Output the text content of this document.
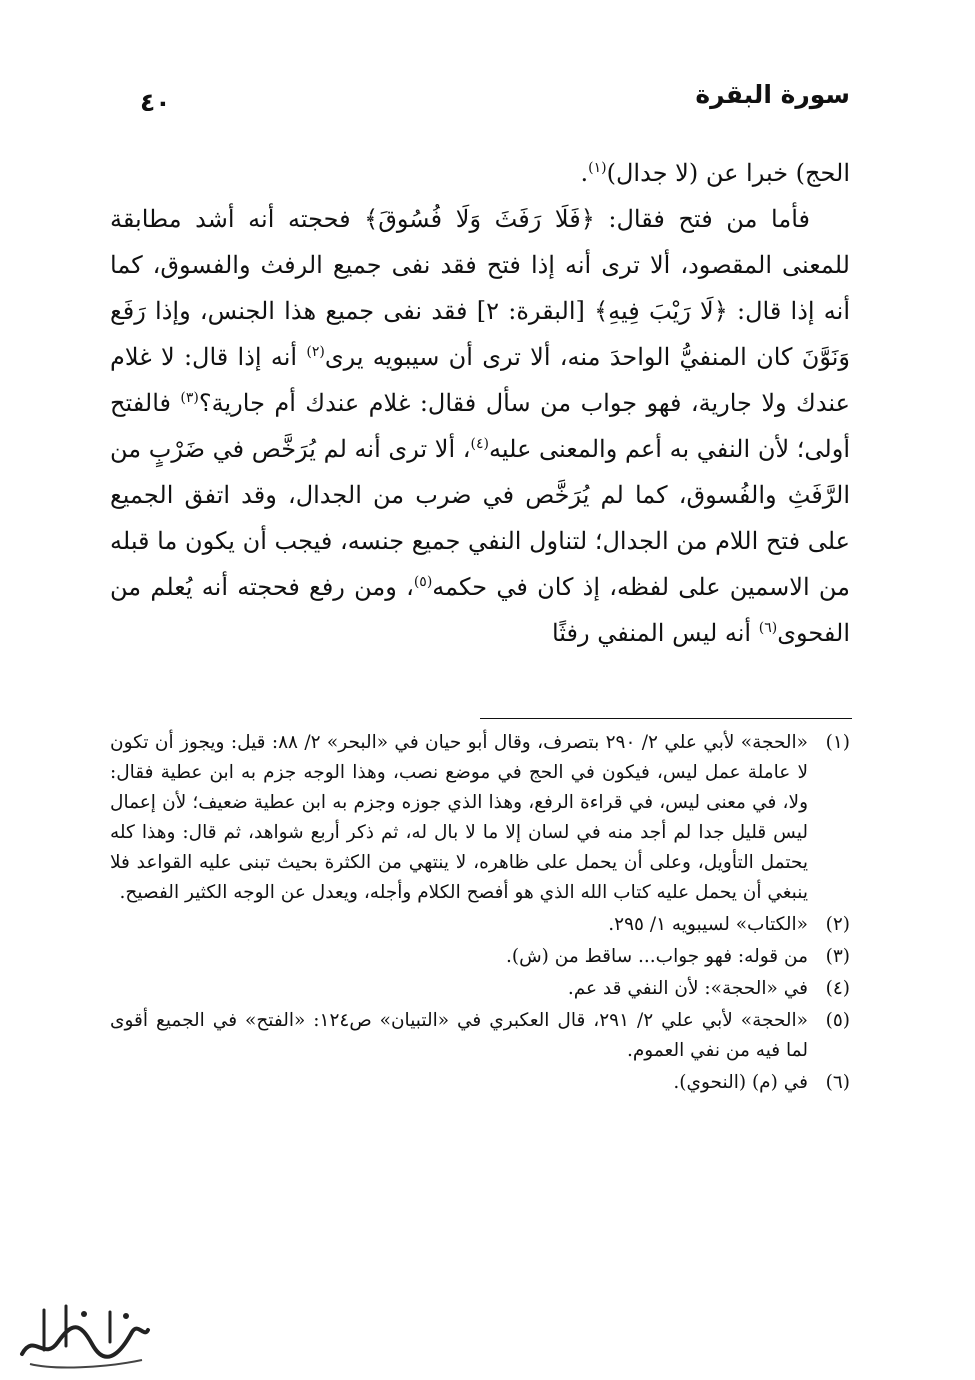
سورة البقرة
٤٠

الحج) خبرا عن (لا جدال)$^{(١)}$.

فأما من فتح فقال: ﴿فَلَا رَفَثَ وَلَا فُسُوقَ﴾ فحجته أنه أشد مطابقة للمعنى المقصود، ألا ترى أنه إذا فتح فقد نفى جميع الرفث والفسوق، كما أنه إذا قال: ﴿لَا رَيْبَ فِيهِ﴾ [البقرة: ٢] فقد نفى جميع هذا الجنس، وإذا رَفَع وَنَوَّنَ كان المنفيُّ الواحدَ منه، ألا ترى أن سيبويه يرى$^{(٢)}$ أنه إذا قال: لا غلام عندك ولا جارية، فهو جواب من سأل فقال: غلام عندك أم جارية؟$^{(٣)}$ فالفتح أولى؛ لأن النفي به أعم والمعنى عليه$^{(٤)}$، ألا ترى أنه لم يُرَخَّص في ضَرْبٍ من الرَّفَثِ والفُسوق، كما لم يُرَخَّص في ضرب من الجدال، وقد اتفق الجميع على فتح اللام من الجدال؛ لتناول النفي جميع جنسه، فيجب أن يكون ما قبله من الاسمين على لفظه، إذ كان في حكمه$^{(٥)}$، ومن رفع فحجته أنه يُعلم من الفحوى$^{(٦)}$ أنه ليس المنفي رفثًا

(١)
«الحجة» لأبي علي ٢/ ٢٩٠ بتصرف، وقال أبو حيان في «البحر» ٢/ ٨٨: قيل: ويجوز أن تكون لا عاملة عمل ليس، فيكون في الحج في موضع نصب، وهذا الوجه جزم به ابن عطية فقال: ولا، في معنى ليس، في قراءة الرفع، وهذا الذي جوزه وجزم به ابن عطية ضعيف؛ لأن إعمال ليس قليل جدا لم أجد منه في لسان إلا ما لا بال له، ثم ذكر أربع شواهد، ثم قال: وهذا كله يحتمل التأويل، وعلى أن يحمل على ظاهره، لا ينتهي من الكثرة بحيث تبنى عليه القواعد فلا ينبغي أن يحمل عليه كتاب الله الذي هو أفصح الكلام وأجله، ويعدل عن الوجه الكثير الفصيح.
(٢)
«الكتاب» لسيبويه ١/ ٢٩٥.
(٣)
من قوله: فهو جواب... ساقط من (ش).
(٤)
في «الحجة»: لأن النفي قد عم.
(٥)
«الحجة» لأبي علي ٢/ ٢٩١، قال العكبري في «التبيان» ص١٢٤: «الفتح» في الجميع أقوى لما فيه من نفي العموم.
(٦)
في (م) (النحوي).
